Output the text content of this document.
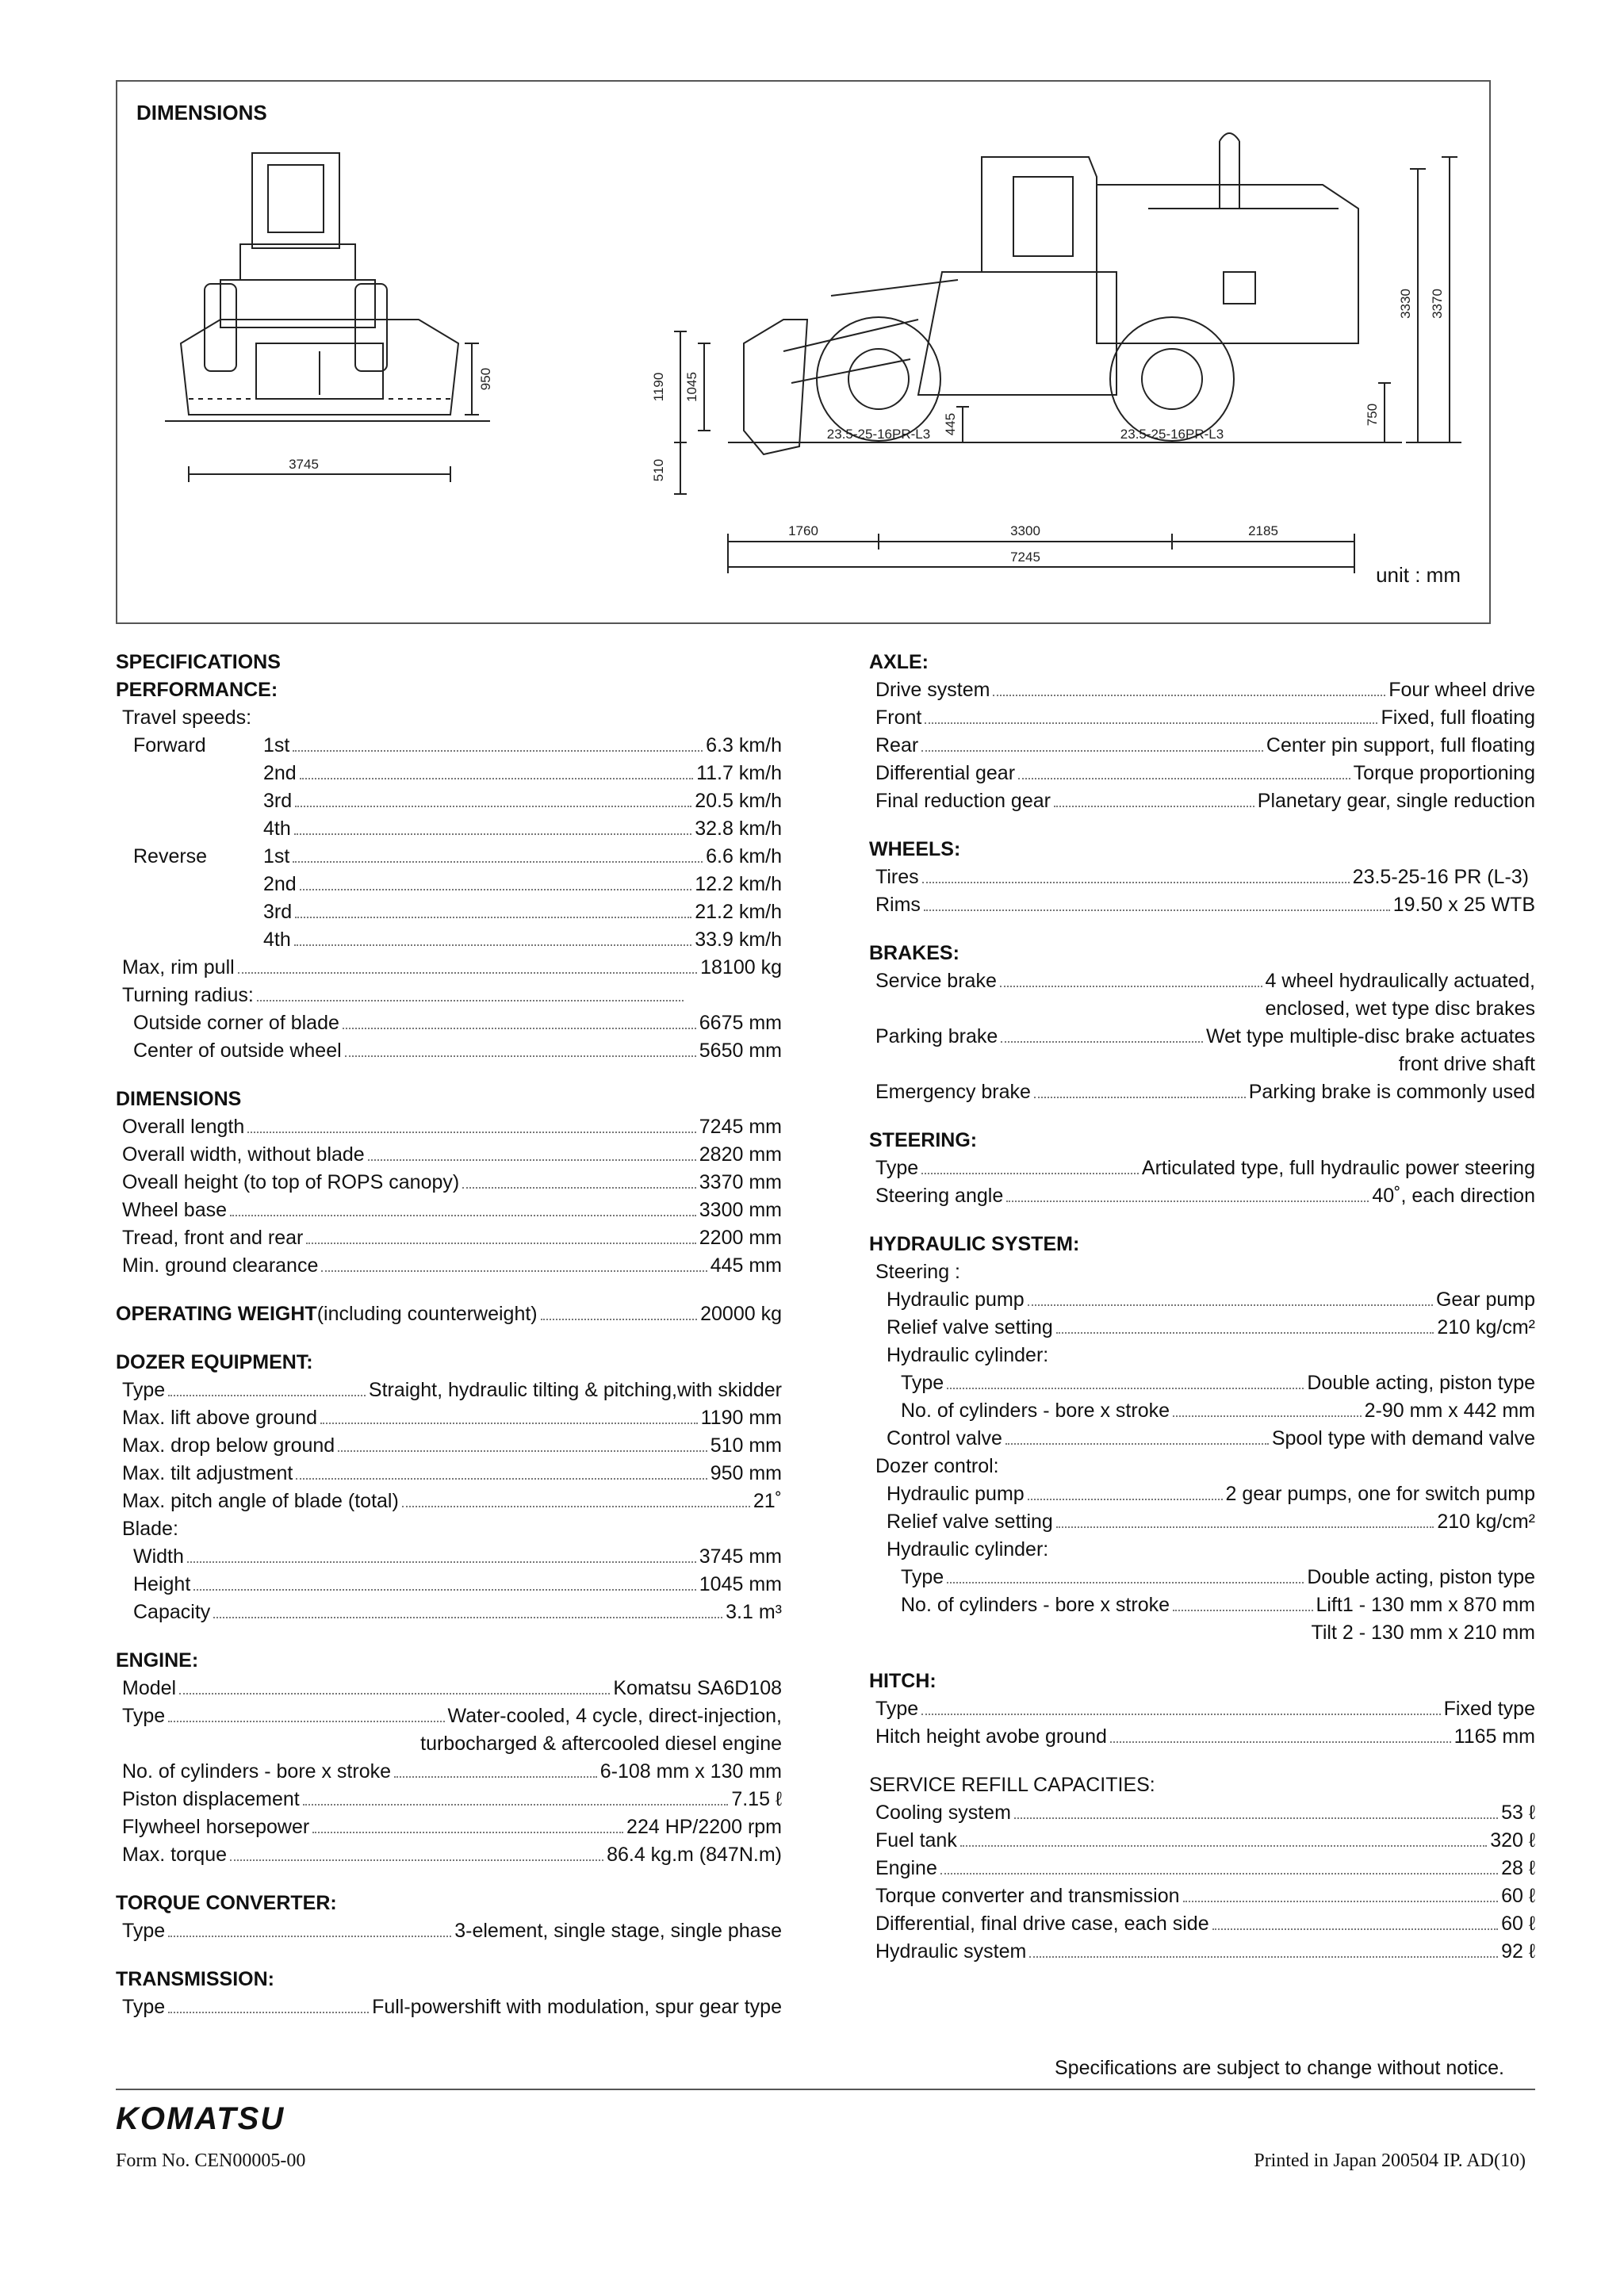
DIMENSIONS
3745
950	1190 1045
510
445
23.5-25-16PR-L3	23.5-25-16PR-L3
750
3330 3370
1760	3300	2185
7245
unit : mm
SPECIFICATIONS
PERFORMANCE:
Travel speeds:
Forward	1st	6.3 km/h
2nd	11.7 km/h
3rd	20.5 km/h
4th	32.8 km/h
Reverse	1st	6.6 km/h
2nd	12.2 km/h
3rd	21.2 km/h
4th	33.9 km/h
Max, rim pull	18100 kg
Turning radius:
Outside corner of blade	6675 mm
Center of outside wheel	5650 mm
DIMENSIONS
Overall length	7245 mm
Overall width, without blade	2820 mm
Oveall height (to top of ROPS canopy)	3370 mm
Wheel base	3300 mm
Tread, front and rear	2200 mm
Min. ground clearance	445 mm
OPERATING WEIGHT (including counterweight)	20000 kg
DOZER EQUIPMENT:
Type	Straight, hydraulic tilting & pitching,with skidder
Max. lift above ground	1190 mm
Max. drop below ground	510 mm
Max. tilt adjustment	950 mm
Max. pitch angle of blade (total)	21˚
Blade:
Width	3745 mm
Height	1045 mm
Capacity	3.1 m³
ENGINE:
Model	Komatsu SA6D108
Type	Water-cooled, 4 cycle, direct-injection,
turbocharged & aftercooled diesel engine
No. of cylinders - bore x stroke	6-108 mm x 130 mm
Piston displacement	7.15 ℓ
Flywheel horsepower	224 HP/2200 rpm
Max. torque	86.4 kg.m (847N.m)
TORQUE CONVERTER:
Type	3-element, single stage, single phase
TRANSMISSION:
Type	Full-powershift with modulation, spur gear type
AXLE:
Drive system	Four wheel drive
Front	Fixed, full floating
Rear	Center pin support, full floating
Differential gear	Torque proportioning
Final reduction gear	Planetary gear, single reduction
WHEELS:
Tires	23.5-25-16 PR (L-3)
Rims	19.50 x 25 WTB
BRAKES:
Service brake	4 wheel hydraulically actuated,
enclosed, wet type disc brakes
Parking brake	Wet type multiple-disc brake actuates
front drive shaft
Emergency brake	Parking brake is commonly used
STEERING:
Type	Articulated type, full hydraulic power steering
Steering angle	40˚, each direction
HYDRAULIC SYSTEM:
Steering :
Hydraulic pump	Gear pump
Relief valve setting	210 kg/cm²
Hydraulic cylinder:
Type	Double acting, piston type
No. of cylinders - bore x stroke	2-90 mm x 442 mm
Control valve	Spool type with demand valve
Dozer control:
Hydraulic pump	2 gear pumps, one for switch pump
Relief valve setting	210 kg/cm²
Hydraulic cylinder:
Type	Double acting, piston type
No. of cylinders - bore x stroke	Lift1 - 130 mm x 870 mm
Tilt 2 - 130 mm x 210 mm
HITCH:
Type	Fixed type
Hitch height avobe ground	1165 mm
SERVICE REFILL CAPACITIES:
Cooling system	53 ℓ
Fuel tank	320 ℓ
Engine	28 ℓ
Torque converter and transmission	60 ℓ
Differential, final drive case, each side	60 ℓ
Hydraulic system	92 ℓ
Specifications are subject to change without notice.
KOMATSU
Form No. CEN00005-00	Printed in Japan 200504 IP. AD(10)
